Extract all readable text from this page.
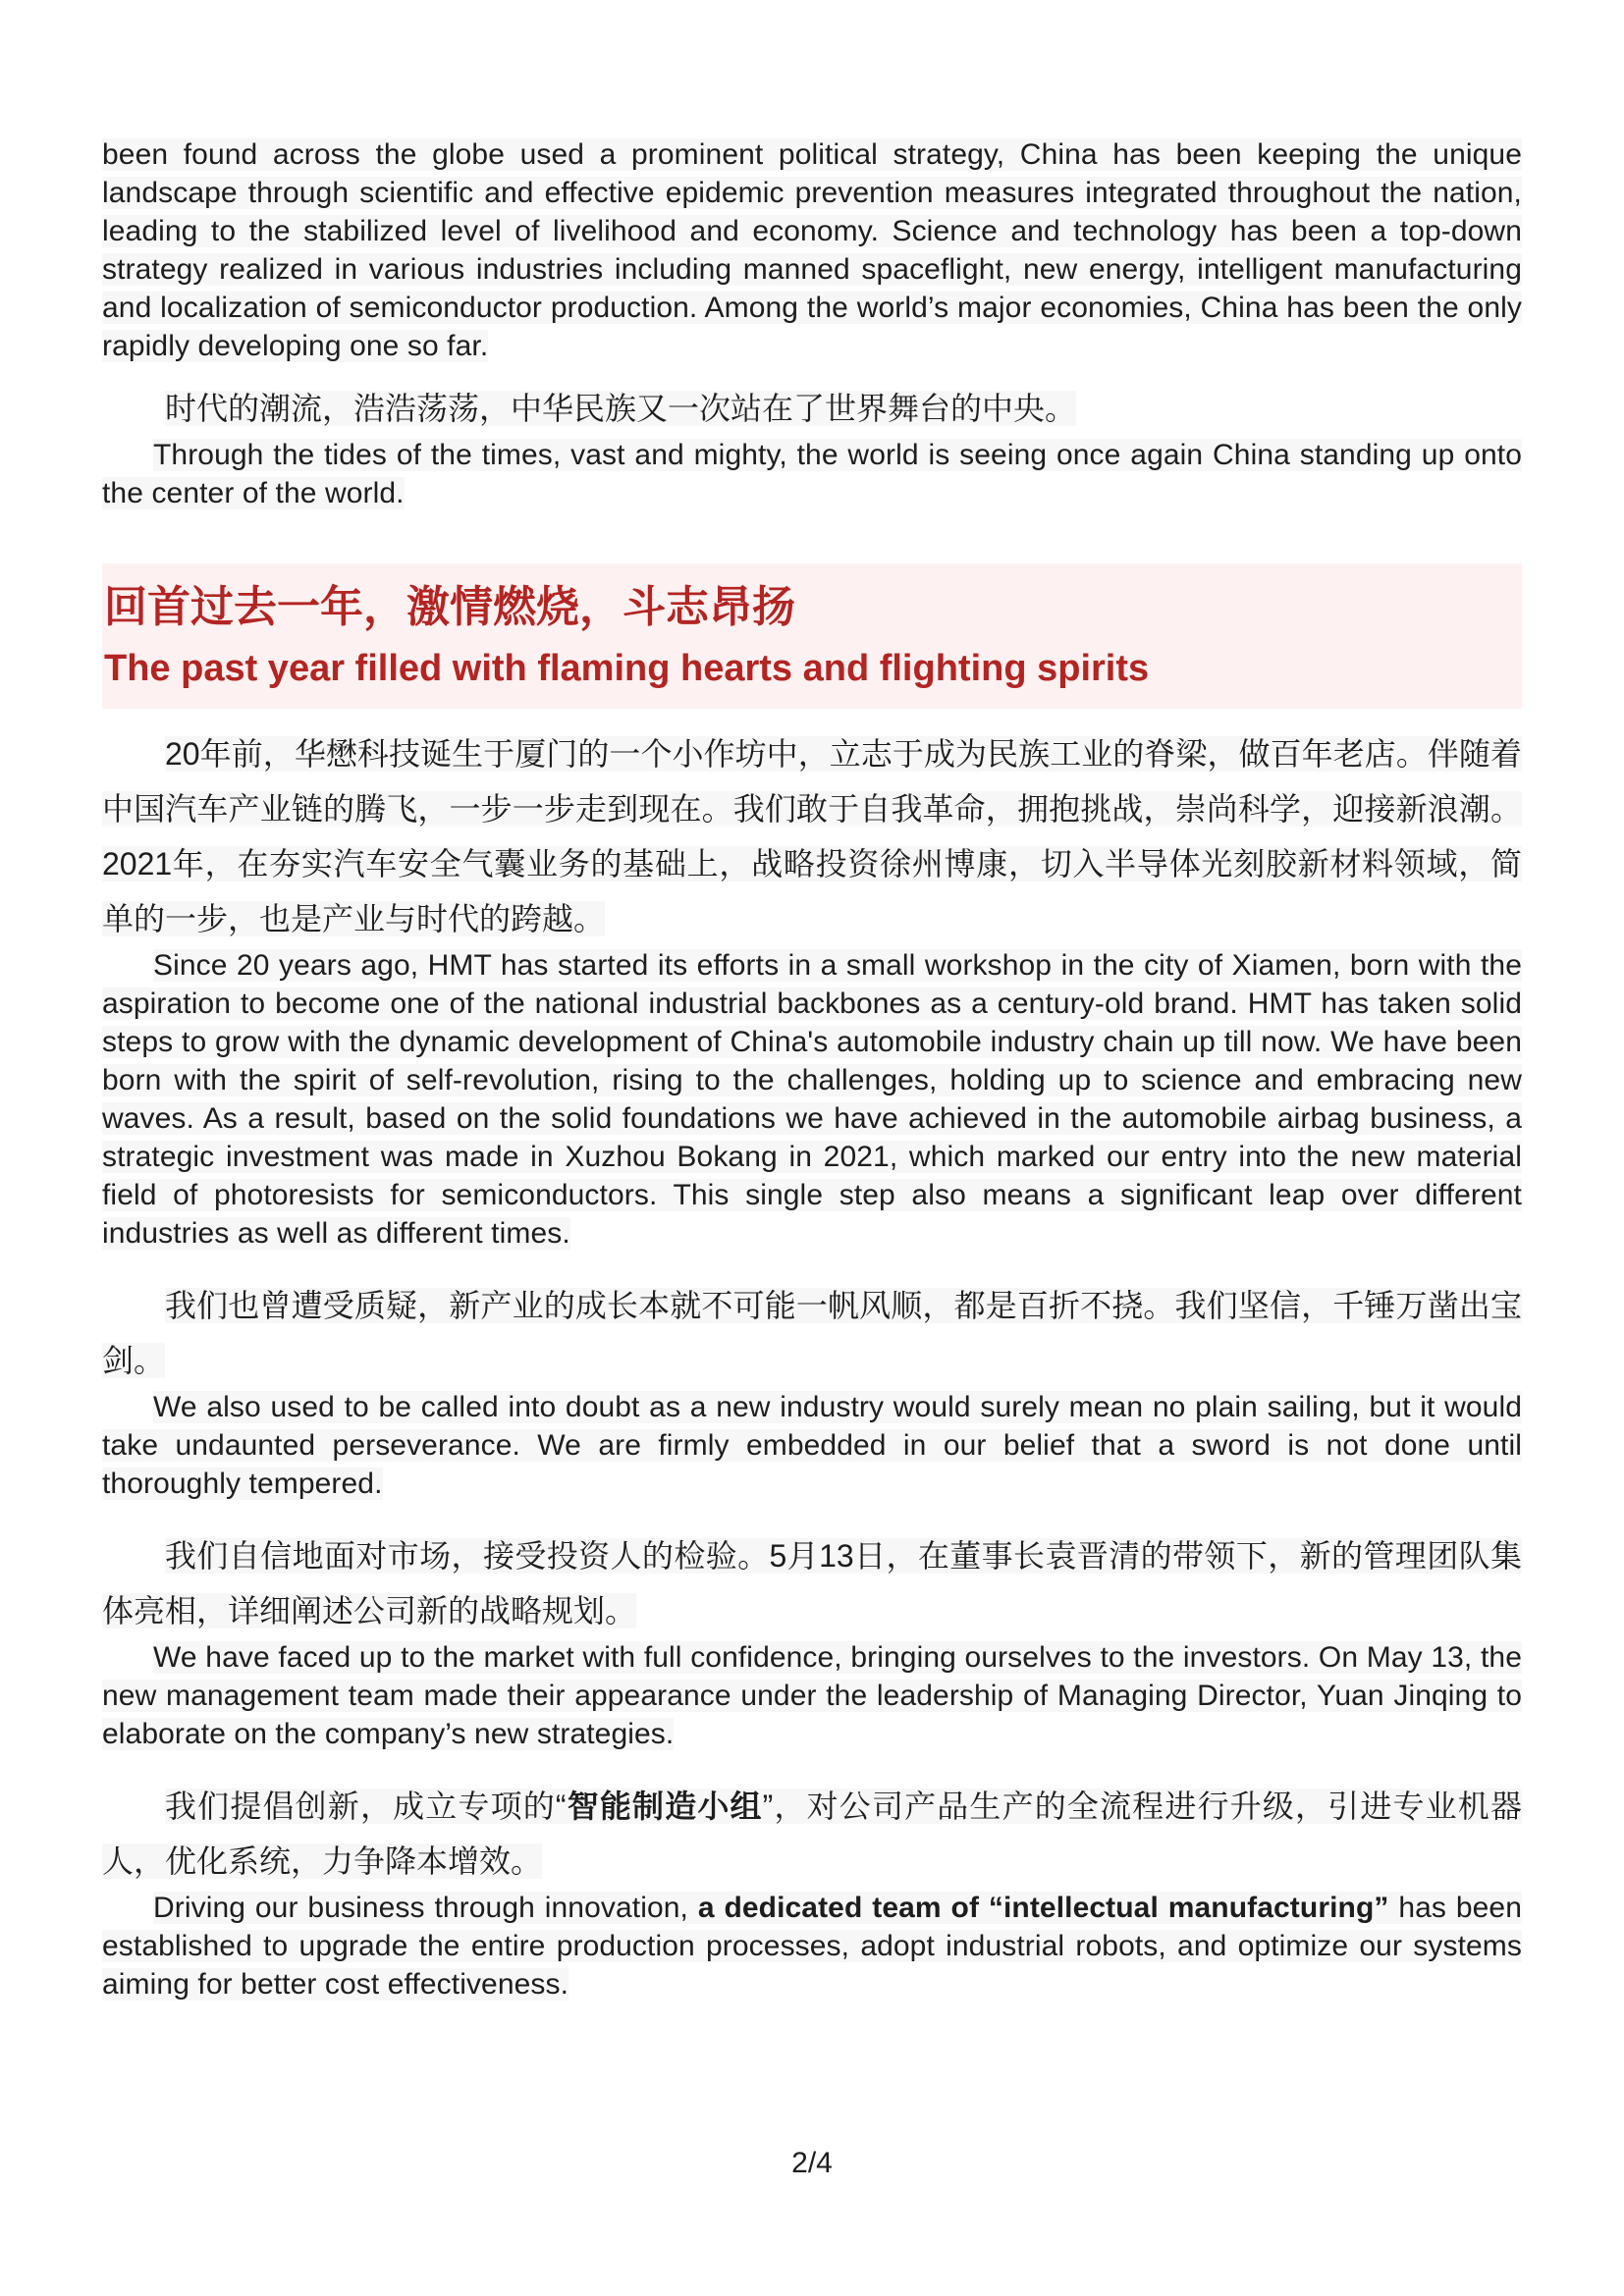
been found across the globe used a prominent political strategy, China has been keeping the unique landscape through scientific and effective epidemic prevention measures integrated throughout the nation, leading to the stabilized level of livelihood and economy. Science and technology has been a top-down strategy realized in various industries including manned spaceflight, new energy, intelligent manufacturing and localization of semiconductor production. Among the world’s major economies, China has been the only rapidly developing one so far.

时代的潮流，浩浩荡荡，中华民族又一次站在了世界舞台的中央。

Through the tides of the times, vast and mighty, the world is seeing once again China standing up onto the center of the world.

回首过去一年，激情燃烧，斗志昂扬
The past year filled with flaming hearts and flighting spirits

20年前，华懋科技诞生于厦门的一个小作坊中，立志于成为民族工业的脊梁，做百年老店。伴随着中国汽车产业链的腾飞，一步一步走到现在。我们敢于自我革命，拥抱挑战，崇尚科学，迎接新浪潮。2021年，在夯实汽车安全气囊业务的基础上，战略投资徐州博康，切入半导体光刻胶新材料领域，简单的一步，也是产业与时代的跨越。

Since 20 years ago, HMT has started its efforts in a small workshop in the city of Xiamen, born with the aspiration to become one of the national industrial backbones as a century-old brand. HMT has taken solid steps to grow with the dynamic development of China's automobile industry chain up till now. We have been born with the spirit of self-revolution, rising to the challenges, holding up to science and embracing new waves. As a result, based on the solid foundations we have achieved in the automobile airbag business, a strategic investment was made in Xuzhou Bokang in 2021, which marked our entry into the new material field of photoresists for semiconductors. This single step also means a significant leap over different industries as well as different times.

我们也曾遭受质疑，新产业的成长本就不可能一帆风顺，都是百折不挠。我们坚信，千锤万凿出宝剑。

We also used to be called into doubt as a new industry would surely mean no plain sailing, but it would take undaunted perseverance. We are firmly embedded in our belief that a sword is not done until thoroughly tempered.

我们自信地面对市场，接受投资人的检验。5月13日，在董事长袁晋清的带领下，新的管理团队集体亮相，详细阐述公司新的战略规划。

We have faced up to the market with full confidence, bringing ourselves to the investors. On May 13, the new management team made their appearance under the leadership of Managing Director, Yuan Jinqing to elaborate on the company’s new strategies.

我们提倡创新，成立专项的“智能制造小组”，对公司产品生产的全流程进行升级，引进专业机器人，优化系统，力争降本增效。

Driving our business through innovation, a dedicated team of “intellectual manufacturing” has been established to upgrade the entire production processes, adopt industrial robots, and optimize our systems aiming for better cost effectiveness.

2/4
